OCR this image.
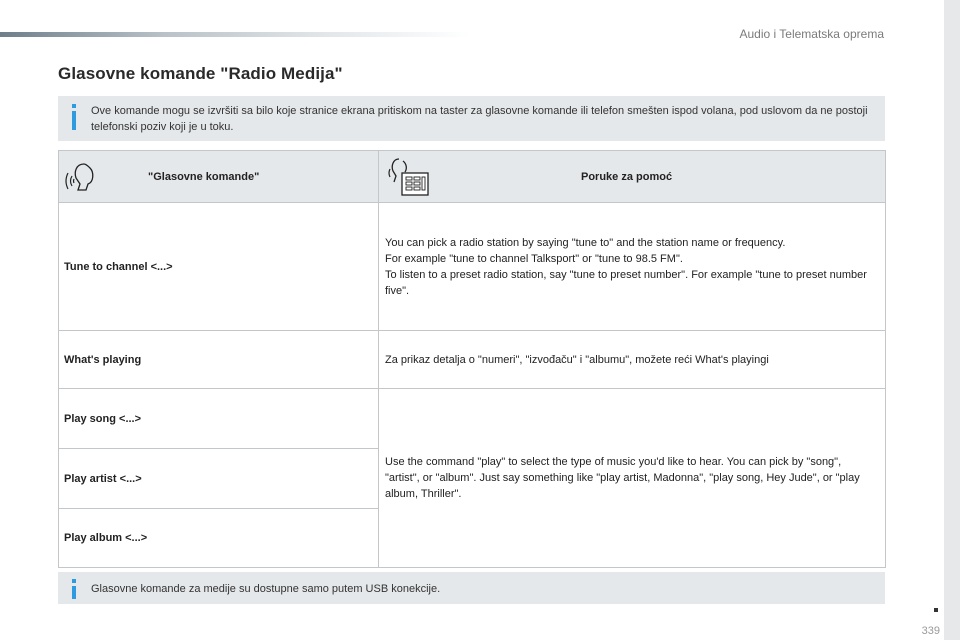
Audio i Telematska oprema
Glasovne komande "Radio Medija"
Ove komande mogu se izvršiti sa bilo koje stranice ekrana pritiskom na taster za glasovne komande ili telefon smešten ispod volana, pod uslovom da ne postoji telefonski poziv koji je u toku.
"Glasovne komande"	Poruke za pomoć
Tune to channel <...>
You can pick a radio station by saying "tune to" and the station name or frequency.
For example "tune to channel Talksport" or "tune to 98.5 FM".
To listen to a preset radio station, say "tune to preset number". For example "tune to preset number five".
What's playing	Za prikaz detalja o "numeri", "izvođaču" i "albumu", možete reći What's playingi
Play song <...>
Play artist <...>
Play album <...>
Use the command "play" to select the type of music you'd like to hear. You can pick by "song", "artist", or "album". Just say something like "play artist, Madonna", "play song, Hey Jude", or "play album, Thriller".
Glasovne komande za medije su dostupne samo putem USB konekcije.
339
